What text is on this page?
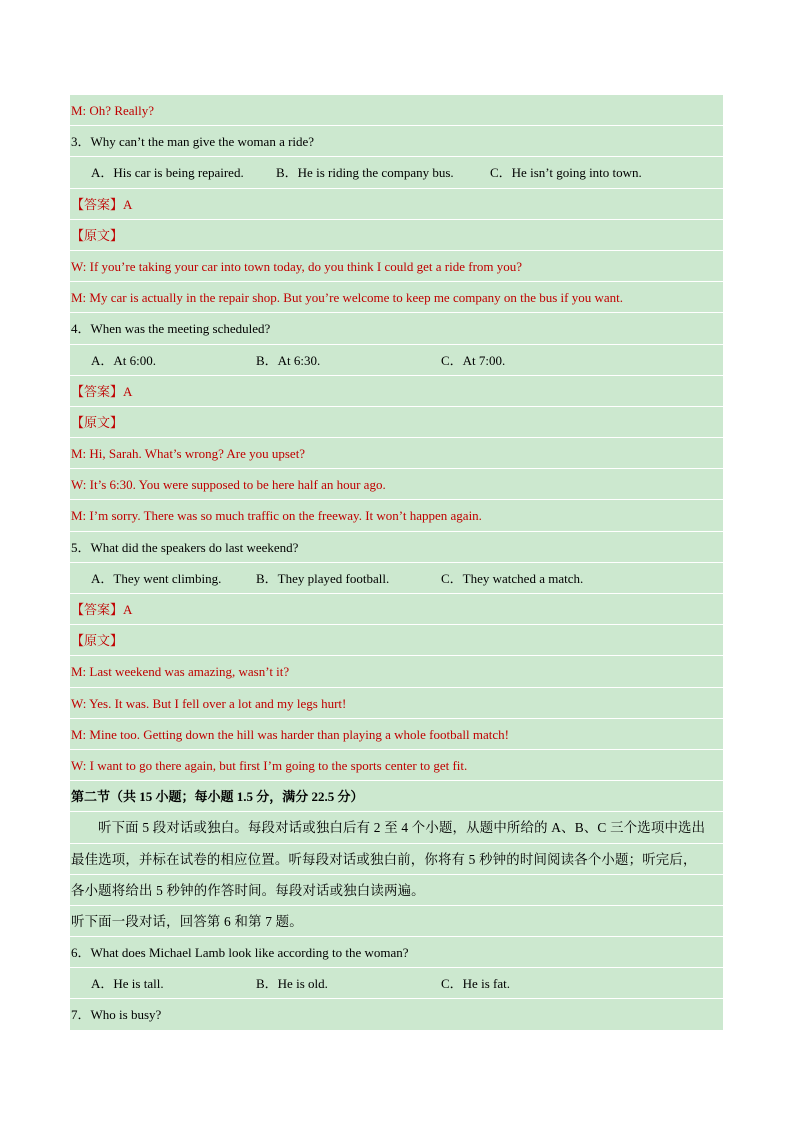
M: Oh? Really?
3．Why can’t the man give the woman a ride?
A．His car is being repaired. B．He is riding the company bus.	C．He isn’t going into town.
【答案】A
【原文】
W: If you’re taking your car into town today, do you think I could get a ride from you?
M: My car is actually in the repair shop. But you’re welcome to keep me company on the bus if you want.
4．When was the meeting scheduled?
A．At 6:00.	B．At 6:30.	C．At 7:00.
【答案】A
【原文】
M: Hi, Sarah. What’s wrong? Are you upset?
W: It’s 6:30. You were supposed to be here half an hour ago.
M: I’m sorry. There was so much traffic on the freeway. It won’t happen again.
5．What did the speakers do last weekend?
A．They went climbing.	B．They played football.	C．They watched a match.
【答案】A
【原文】
M: Last weekend was amazing, wasn’t it?
W: Yes. It was. But I fell over a lot and my legs hurt!
M: Mine too. Getting down the hill was harder than playing a whole football match!
W: I want to go there again, but first I’m going to the sports center to get fit.
第二节（共 15 小题；每小题 1.5 分，满分 22.5 分）
听下面 5 段对话或独白。每段对话或独白后有 2 至 4 个小题，从题中所给的 A、B、C 三个选项中选出
最佳选项，并标在试卷的相应位置。听每段对话或独白前，你将有 5 秒钟的时间阅读各个小题；听完后，
各小题将给出 5 秒钟的作答时间。每段对话或独白读两遍。
听下面一段对话，回答第 6 和第 7 题。
6．What does Michael Lamb look like according to the woman?
A．He is tall.	B．He is old.	C．He is fat.
7．Who is busy?
